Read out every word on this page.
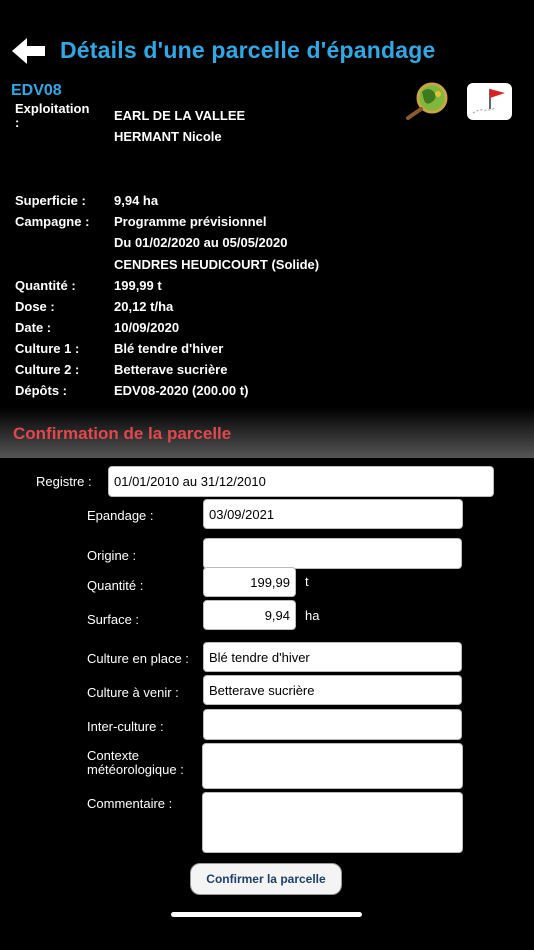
Détails d'une parcelle d'épandage
EDV08
Exploitation
:	EARL DE LA VALLEE
HERMANT Nicole
Superficie : 9,94 ha
Campagne : Programme prévisionnel
Du 01/02/2020 au 05/05/2020
CENDRES HEUDICOURT (Solide)
Quantité :	199,99 t
Dose :	20,12 t/ha
Date :	10/09/2020
Culture 1 :	Blé tendre d'hiver
Culture 2 :	Betterave sucrière
Dépôts :	EDV08-2020 (200.00 t)
Confirmation de la parcelle
Registre :	01/01/2010 au 31/12/2010
Epandage :	03/09/2021
Origine :
Quantité :	199,99	t
Surface :	9,94	ha
Culture en place :	Blé tendre d'hiver
Culture à venir :	Betterave sucrière
Inter-culture :
Contexte
météorologique :
Commentaire :
Confirmer la parcelle
